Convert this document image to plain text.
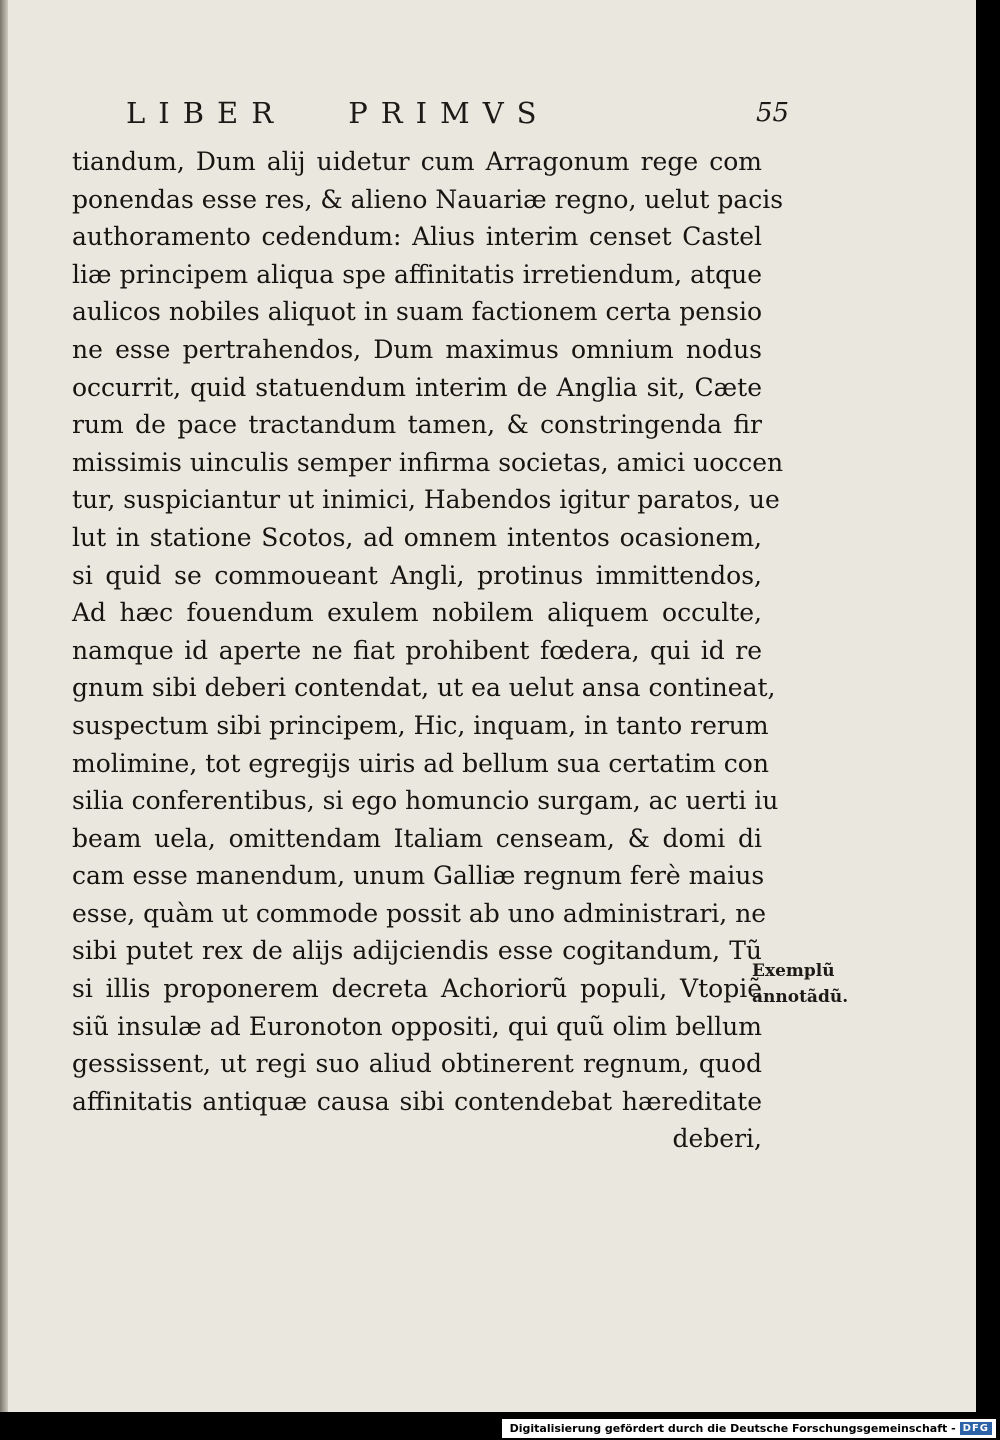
LIBER PRIMVS	55
tiandum, Dum alij uidetur cum Arragonum rege com
ponendas esse res, & alieno Nauariæ regno, uelut pacis
authoramento cedendum: Alius interim censet Castel
liæ principem aliqua spe affinitatis irretiendum, atque
aulicos nobiles aliquot in suam factionem certa pensio
ne esse pertrahendos, Dum maximus omnium nodus
occurrit, quid statuendum interim de Anglia sit, Cæte
rum de pace tractandum tamen, & constringenda fir
missimis uinculis semper infirma societas, amici uoccen
tur, suspiciantur ut inimici, Habendos igitur paratos, ue
lut in statione Scotos, ad omnem intentos ocasionem,
si quid se commoueant Angli, protinus immittendos,
Ad hæc fouendum exulem nobilem aliquem occulte,
namque id aperte ne fiat prohibent fœdera, qui id re
gnum sibi deberi contendat, ut ea uelut ansa contineat,
suspectum sibi principem, Hic, inquam, in tanto rerum
molimine, tot egregijs uiris ad bellum sua certatim con
silia conferentibus, si ego homuncio surgam, ac uerti iu
beam uela, omittendam Italiam censeam, & domi di
cam esse manendum, unum Galliæ regnum ferè maius
esse, quàm ut commode possit ab uno administrari, ne
sibi putet rex de alijs adijciendis esse cogitandum, Tũ
si illis proponerem decreta Achoriorũ populi, Vtopiẽ
siũ insulæ ad Euronoton oppositi, qui quũ olim bellum
gessissent, ut regi suo aliud obtinerent regnum, quod
affinitatis antiquæ causa sibi contendebat hæreditate
deberi,
Exemplũ
annotãdũ.
Digitalisierung gefördert durch die Deutsche Forschungsgemeinschaft - DFG
